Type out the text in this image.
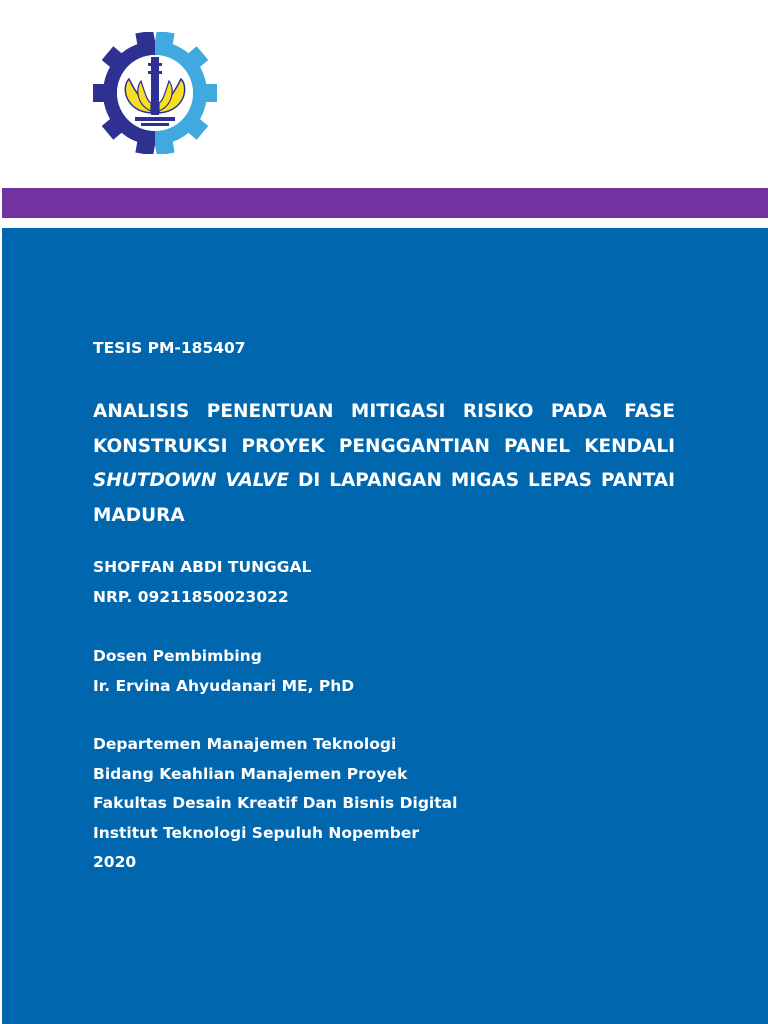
TESIS PM-185407
ANALISIS PENENTUAN MITIGASI RISIKO PADA FASE KONSTRUKSI PROYEK PENGGANTIAN PANEL KENDALI SHUTDOWN VALVE DI LAPANGAN MIGAS LEPAS PANTAI MADURA
SHOFFAN ABDI TUNGGAL
NRP. 09211850023022
Dosen Pembimbing
Ir. Ervina Ahyudanari ME, PhD
Departemen Manajemen Teknologi
Bidang Keahlian Manajemen Proyek
Fakultas Desain Kreatif Dan Bisnis Digital
Institut Teknologi Sepuluh Nopember
2020
